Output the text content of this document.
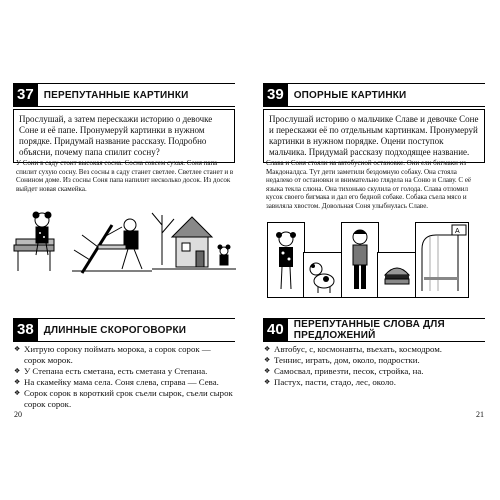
37	ПЕРЕПУТАННЫЕ КАРТИНКИ
Прослушай, а затем перескажи историю о девочке Соне и её папе. Пронумеруй картинки в нужном порядке. Придумай название рассказу. Подробно объясни, почему папа спилит сосну?
У Сони в саду стоит высокая сосна. Сосна совсем сухая. Соня папа спилит сухую сосну. Вез сосны в саду станет светлее. Светлее станет и в Сонином доме. Из сосны Соня папа напилит несколько досок. Из досок выйдет новая скамейка.
38	ДЛИННЫЕ СКОРОГОВОРКИ
❖ Хитрую сороку поймать морока, а сорок сорок — сорок морок.
❖ У Степана есть сметана, есть сметана у Степана.
❖ На скамейку мама села. Соня слева, справа — Сева.
❖ Сорок сорок в короткий срок съели сырок, съели сырок сорок сорок.
20
39	ОПОРНЫЕ КАРТИНКИ
Прослушай историю о мальчике Славе и девочке Соне и перескажи её по отдельным картинкам. Пронумеруй картинки в нужном порядке. Оцени поступок мальчика. Придумай рассказу подходящее название.
Слава и Соня стояли на автобусной остановке. Они ели бигмаки из Макдоналдса. Тут дети заметили бездомную собаку. Она стояла недалеко от остановки и внимательно глядела на Соню и Славу. С её языка текла слюна. Она тихонько скулила от голода. Слава отломил кусок своего бигмака и дал его бедной собаке. Собака съела мясо и завиляла хвостом. Довольная Соня улыбнулась Славе.
А
40	ПЕРЕПУТАННЫЕ СЛОВА ДЛЯ ПРЕДЛОЖЕНИЙ
❖ Автобус, с, космонавты, въехать, космодром.
❖ Теннис, играть, дом, около, подростки.
❖ Самосвал, привезти, песок, стройка, на.
❖ Пастух, пасти, стадо, лес, около.
21
